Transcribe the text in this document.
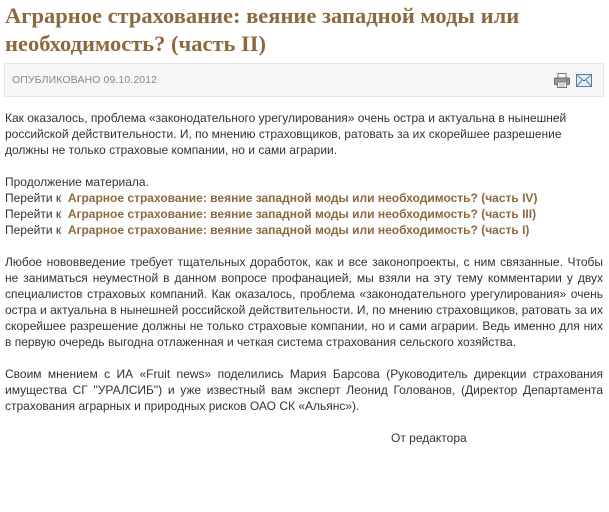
Аграрное страхование: веяние западной моды или необходимость? (часть II)
ОПУБЛИКОВАНО 09.10.2012

Как оказалось, проблема «законодательного урегулирования» очень остра и актуальна в нынешней российской действительности. И, по мнению страховщиков, ратовать за их скорейшее разрешение должны не только страховые компании, но и сами аграрии.

Продолжение материала.

Перейти к Аграрное страхование: веяние западной моды или необходимость? (часть IV)

Перейти к Аграрное страхование: веяние западной моды или необходимость? (часть III)

Перейти к Аграрное страхование: веяние западной моды или необходимость? (часть I)

Любое нововведение требует тщательных доработок, как и все законопроекты, с ним связанные. Чтобы не заниматься неуместной в данном вопросе профанацией, мы взяли на эту тему комментарии у двух специалистов страховых компаний. Как оказалось, проблема «законодательного урегулирования» очень остра и актуальна в нынешней российской действительности. И, по мнению страховщиков, ратовать за их скорейшее разрешение должны не только страховые компании, но и сами аграрии. Ведь именно для них в первую очередь выгодна отлаженная и четкая система страхования сельского хозяйства.

Своим мнением с ИА «Fruit news» поделились Мария Барсова (Руководитель дирекции страхования имущества СГ "УРАЛСИБ") и уже известный вам эксперт Леонид Голованов, (Директор Департамента страхования аграрных и природных рисков ОАО СК «Альянс»).

От редактора
